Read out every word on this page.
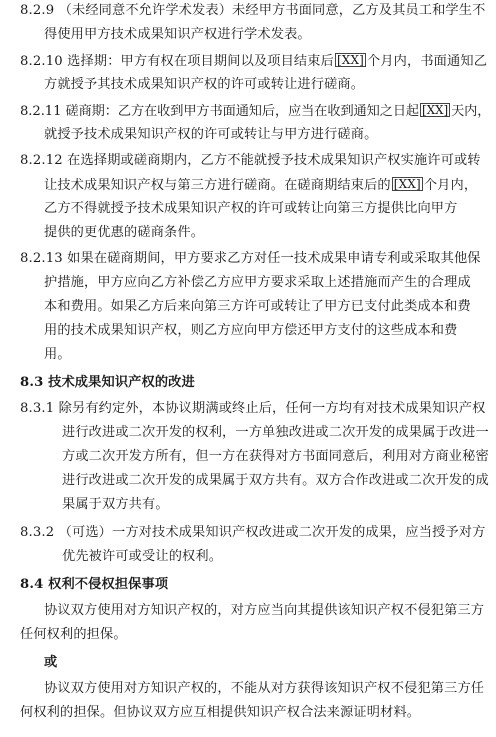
8.2.9 （未经同意不允许学术发表）未经甲方书面同意，乙方及其员工和学生不
得使用甲方技术成果知识产权进行学术发表。
8.2.10 选择期：甲方有权在项目期间以及项目结束后 [XX] 个月内，书面通知乙
方就授予其技术成果知识产权的许可或转让进行磋商。
8.2.11 磋商期：乙方在收到甲方书面通知后，应当在收到通知之日起 [XX] 天内，
就授予技术成果知识产权的许可或转让与甲方进行磋商。
8.2.12 在选择期或磋商期内，乙方不能就授予技术成果知识产权实施许可或转
让技术成果知识产权与第三方进行磋商。在磋商期结束后的 [XX] 个月内，
乙方不得就授予技术成果知识产权的许可或转让向第三方提供比向甲方
提供的更优惠的磋商条件。
8.2.13 如果在磋商期间，甲方要求乙方对任一技术成果申请专利或采取其他保
护措施，甲方应向乙方补偿乙方应甲方要求采取上述措施而产生的合理成
本和费用。如果乙方后来向第三方许可或转让了甲方已支付此类成本和费
用的技术成果知识产权，则乙方应向甲方偿还甲方支付的这些成本和费
用。
8.3 技术成果知识产权的改进
8.3.1 除另有约定外，本协议期满或终止后，任何一方均有对技术成果知识产权
进行改进或二次开发的权利，一方单独改进或二次开发的成果属于改进一
方或二次开发方所有，但一方在获得对方书面同意后，利用对方商业秘密
进行改进或二次开发的成果属于双方共有。双方合作改进或二次开发的成
果属于双方共有。
8.3.2 （可选）一方对技术成果知识产权改进或二次开发的成果，应当授予对方
优先被许可或受让的权利。
8.4 权利不侵权担保事项
协议双方使用对方知识产权的，对方应当向其提供该知识产权不侵犯第三方
任何权利的担保。
或
协议双方使用对方知识产权的，不能从对方获得该知识产权不侵犯第三方任
何权利的担保。但协议双方应互相提供知识产权合法来源证明材料。
